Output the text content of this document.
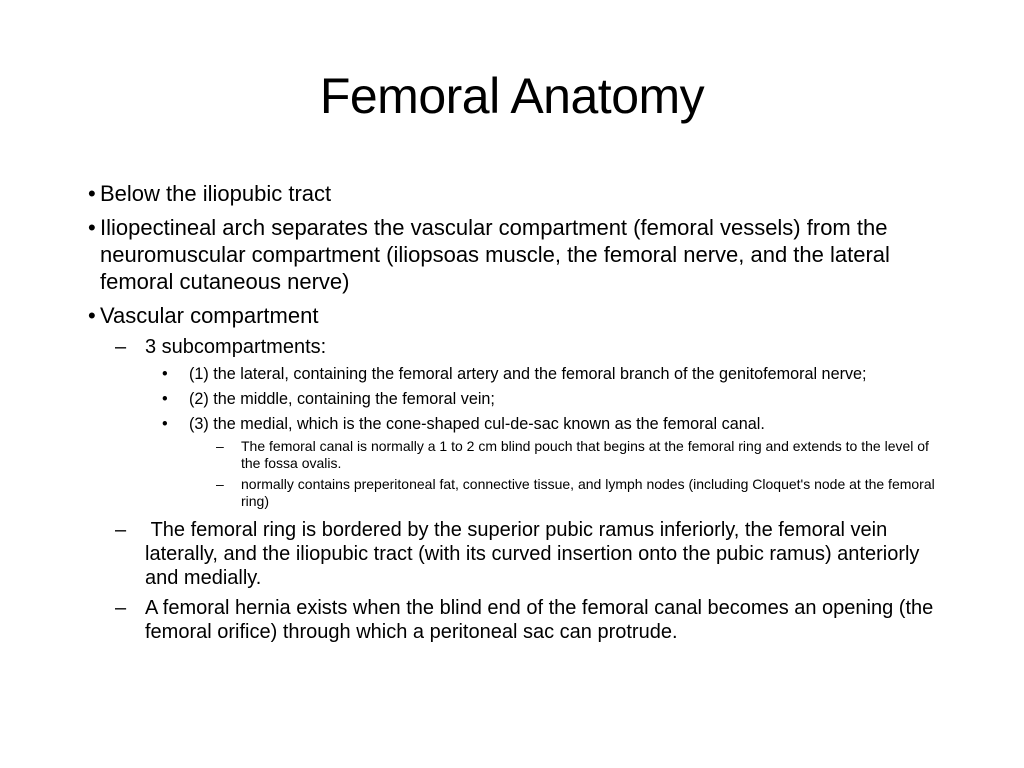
Femoral Anatomy
• Below the iliopubic tract
• Iliopectineal arch separates the vascular compartment (femoral vessels) from the neuromuscular compartment (iliopsoas muscle, the femoral nerve, and the lateral femoral cutaneous nerve)
• Vascular compartment
– 3 subcompartments:
• (1) the lateral, containing the femoral artery and the femoral branch of the genitofemoral nerve;
• (2) the middle, containing the femoral vein;
• (3) the medial, which is the cone-shaped cul-de-sac known as the femoral canal.
– The femoral canal is normally a 1 to 2 cm blind pouch that begins at the femoral ring and extends to the level of the fossa ovalis.
– normally contains preperitoneal fat, connective tissue, and lymph nodes (including Cloquet's node at the femoral ring)
– The femoral ring is bordered by the superior pubic ramus inferiorly, the femoral vein laterally, and the iliopubic tract (with its curved insertion onto the pubic ramus) anteriorly and medially.
– A femoral hernia exists when the blind end of the femoral canal becomes an opening (the femoral orifice) through which a peritoneal sac can protrude.
